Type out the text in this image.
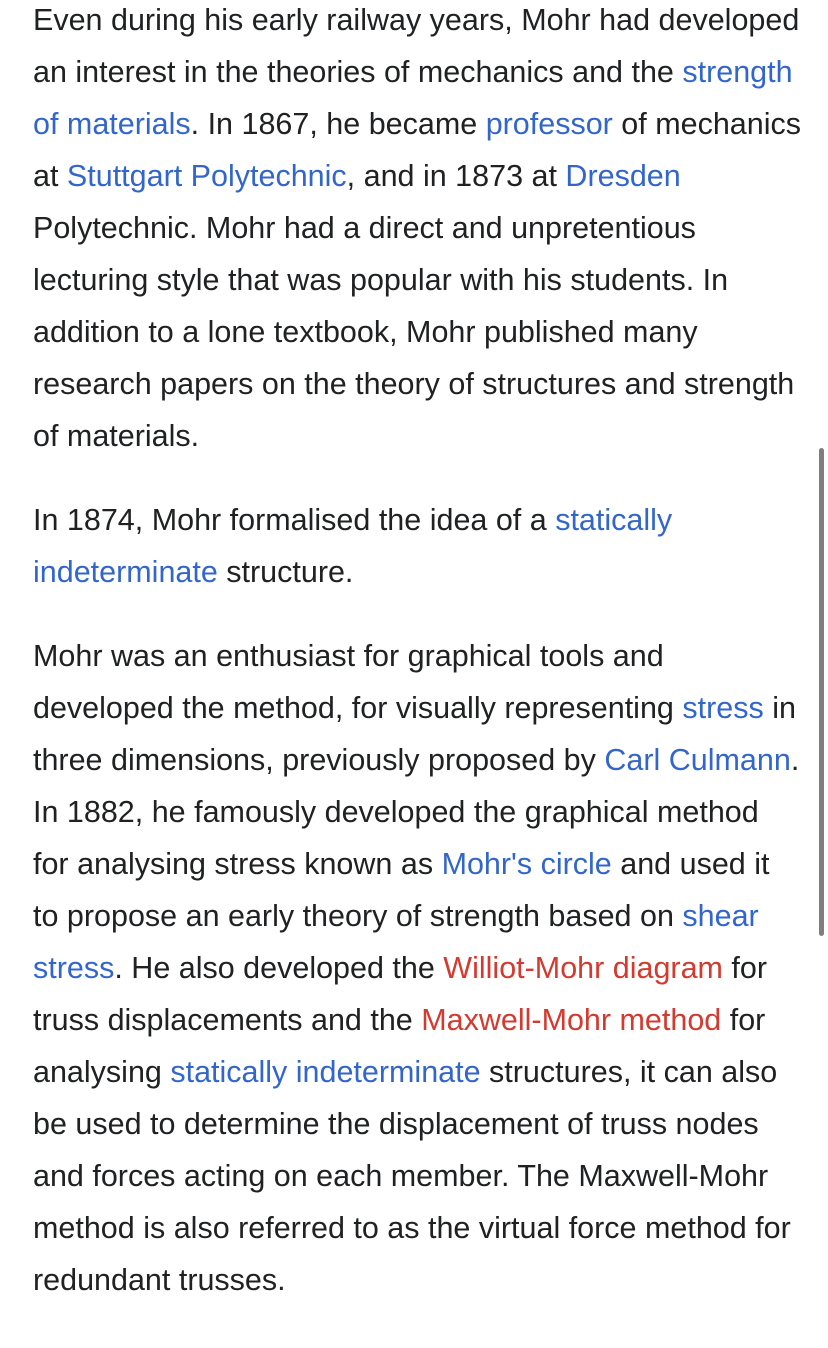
Even during his early railway years, Mohr had developed an interest in the theories of mechanics and the strength of materials. In 1867, he became professor of mechanics at Stuttgart Polytechnic, and in 1873 at Dresden Polytechnic. Mohr had a direct and unpretentious lecturing style that was popular with his students. In addition to a lone textbook, Mohr published many research papers on the theory of structures and strength of materials.

In 1874, Mohr formalised the idea of a statically indeterminate structure.

Mohr was an enthusiast for graphical tools and developed the method, for visually representing stress in three dimensions, previously proposed by Carl Culmann. In 1882, he famously developed the graphical method for analysing stress known as Mohr's circle and used it to propose an early theory of strength based on shear stress. He also developed the Williot-Mohr diagram for truss displacements and the Maxwell-Mohr method for analysing statically indeterminate structures, it can also be used to determine the displacement of truss nodes and forces acting on each member. The Maxwell-Mohr method is also referred to as the virtual force method for redundant trusses.
